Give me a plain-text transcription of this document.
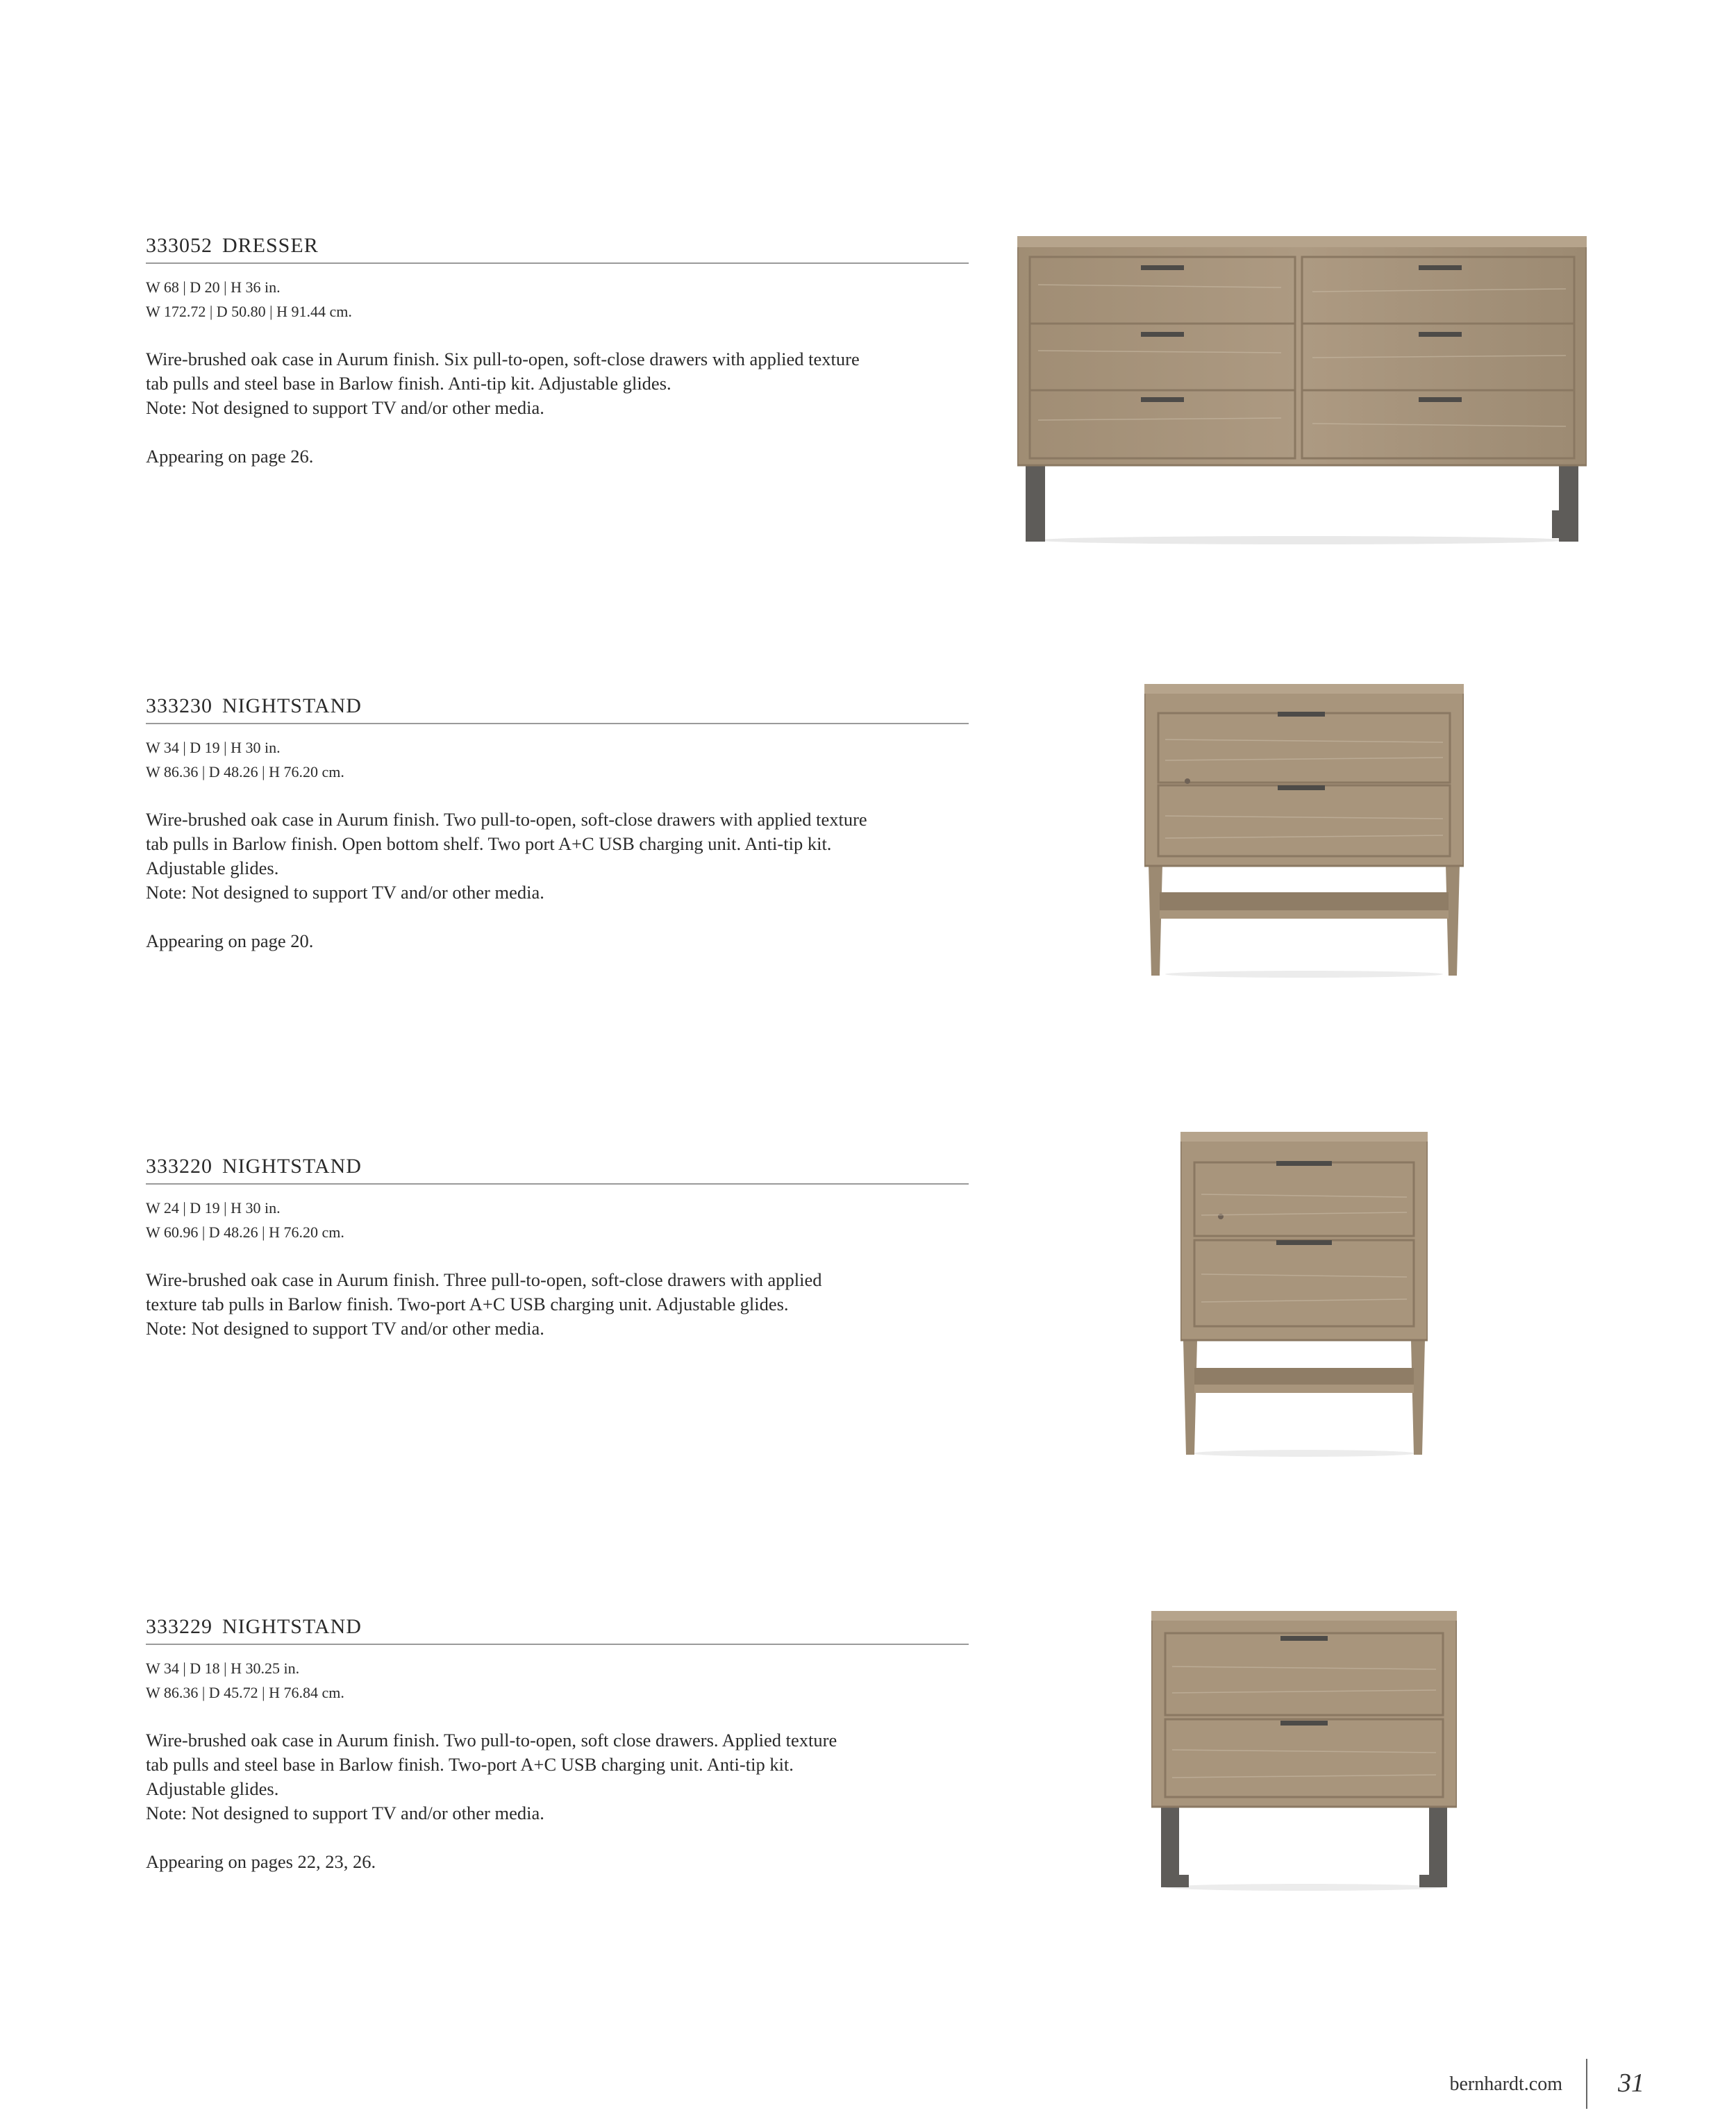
333052 DRESSER
W 68 | D 20 | H 36 in.
W 172.72 | D 50.80 | H 91.44 cm.

Wire-brushed oak case in Aurum finish. Six pull-to-open, soft-close drawers with applied texture

tab pulls and steel base in Barlow finish. Anti-tip kit. Adjustable glides.

Note: Not designed to support TV and/or other media.

Appearing on page 26.
333230 NIGHTSTAND
W 34 | D 19 | H 30 in.
W 86.36 | D 48.26 | H 76.20 cm.

Wire-brushed oak case in Aurum finish. Two pull-to-open, soft-close drawers with applied texture

tab pulls in Barlow finish. Open bottom shelf. Two port A+C USB charging unit. Anti-tip kit.

Adjustable glides.

Note: Not designed to support TV and/or other media.

Appearing on page 20.
333220 NIGHTSTAND
W 24 | D 19 | H 30 in.
W 60.96 | D 48.26 | H 76.20 cm.

Wire-brushed oak case in Aurum finish. Three pull-to-open, soft-close drawers with applied

texture tab pulls in Barlow finish. Two-port A+C USB charging unit. Adjustable glides.

Note: Not designed to support TV and/or other media.

333229 NIGHTSTAND
W 34 | D 18 | H 30.25 in.
W 86.36 | D 45.72 | H 76.84 cm.

Wire-brushed oak case in Aurum finish. Two pull-to-open, soft close drawers. Applied texture

tab pulls and steel base in Barlow finish. Two-port A+C USB charging unit. Anti-tip kit.

Adjustable glides.

Note: Not designed to support TV and/or other media.

Appearing on pages 22, 23, 26.
bernhardt.com 31
